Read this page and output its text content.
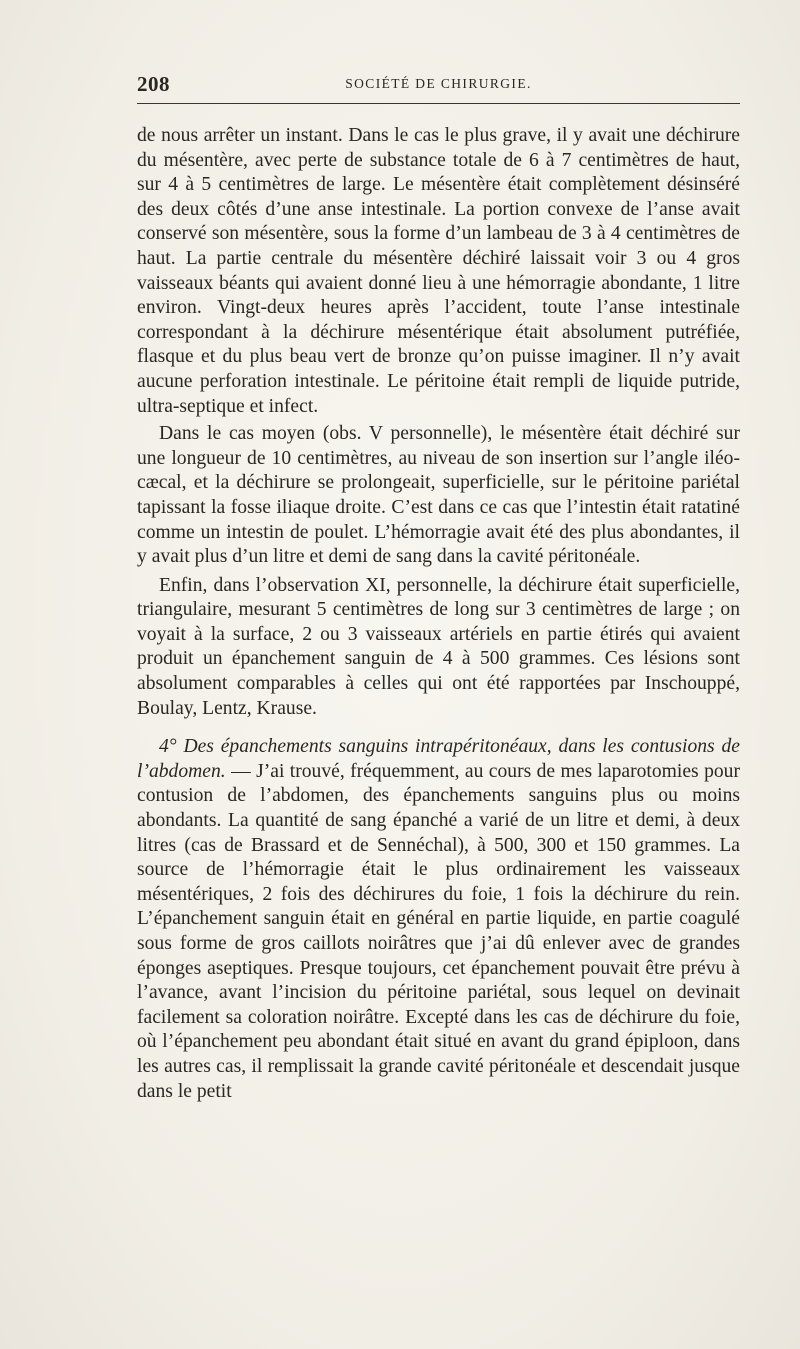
208	SOCIÉTÉ DE CHIRURGIE.

de nous arrêter un instant. Dans le cas le plus grave, il y avait une déchirure du mésentère, avec perte de substance totale de 6 à 7 centimètres de haut, sur 4 à 5 centimètres de large. Le mésentère était complètement désinséré des deux côtés d’une anse intestinale. La portion convexe de l’anse avait conservé son mésentère, sous la forme d’un lambeau de 3 à 4 centimètres de haut. La partie centrale du mésentère déchiré laissait voir 3 ou 4 gros vaisseaux béants qui avaient donné lieu à une hémorragie abondante, 1 litre environ. Vingt-deux heures après l’accident, toute l’anse intestinale correspondant à la déchirure mésentérique était absolument putréfiée, flasque et du plus beau vert de bronze qu’on puisse imaginer. Il n’y avait aucune perforation intestinale. Le péritoine était rempli de liquide putride, ultra-septique et infect.

Dans le cas moyen (obs. V personnelle), le mésentère était déchiré sur une longueur de 10 centimètres, au niveau de son insertion sur l’angle iléo-cæcal, et la déchirure se prolongeait, superficielle, sur le péritoine pariétal tapissant la fosse iliaque droite. C’est dans ce cas que l’intestin était ratatiné comme un intestin de poulet. L’hémorragie avait été des plus abondantes, il y avait plus d’un litre et demi de sang dans la cavité péritonéale.

Enfin, dans l’observation XI, personnelle, la déchirure était superficielle, triangulaire, mesurant 5 centimètres de long sur 3 centimètres de large ; on voyait à la surface, 2 ou 3 vaisseaux artériels en partie étirés qui avaient produit un épanchement sanguin de 4 à 500 grammes. Ces lésions sont absolument comparables à celles qui ont été rapportées par Inschouppé, Boulay, Lentz, Krause.

4° Des épanchements sanguins intrapéritonéaux, dans les contusions de l’abdomen. — J’ai trouvé, fréquemment, au cours de mes laparotomies pour contusion de l’abdomen, des épanchements sanguins plus ou moins abondants. La quantité de sang épanché a varié de un litre et demi, à deux litres (cas de Brassard et de Sennéchal), à 500, 300 et 150 grammes. La source de l’hémorragie était le plus ordinairement les vaisseaux mésentériques, 2 fois des déchirures du foie, 1 fois la déchirure du rein. L’épanchement sanguin était en général en partie liquide, en partie coagulé sous forme de gros caillots noirâtres que j’ai dû enlever avec de grandes éponges aseptiques. Presque toujours, cet épanchement pouvait être prévu à l’avance, avant l’incision du péritoine pariétal, sous lequel on devinait facilement sa coloration noirâtre. Excepté dans les cas de déchirure du foie, où l’épanchement peu abondant était situé en avant du grand épiploon, dans les autres cas, il remplissait la grande cavité péritonéale et descendait jusque dans le petit
